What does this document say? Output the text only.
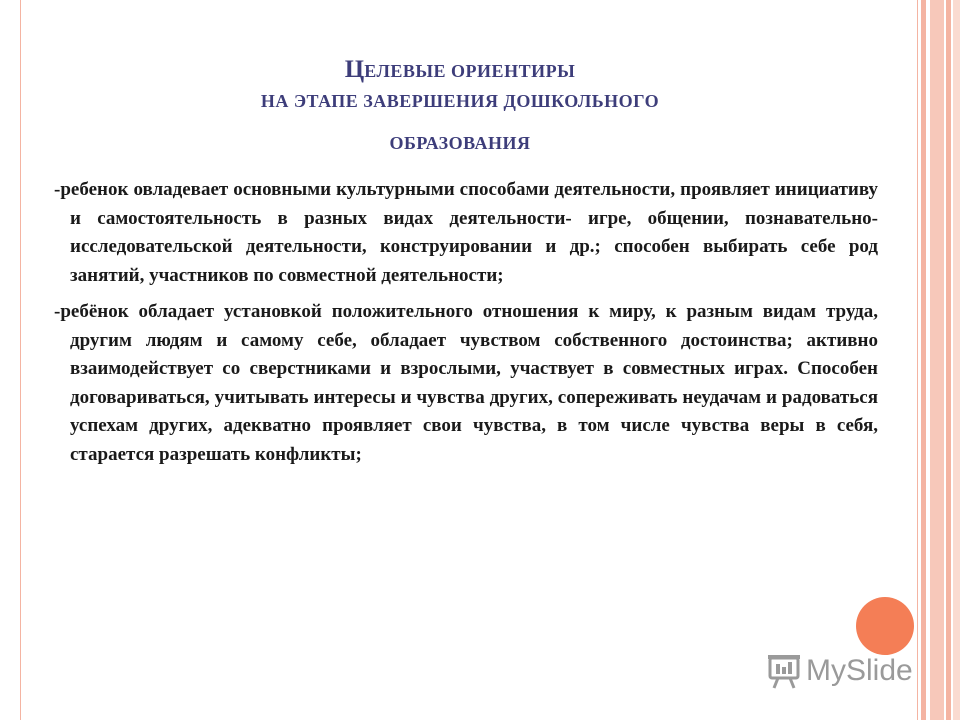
ЦЕЛЕВЫЕ ОРИЕНТИРЫ
НА ЭТАПЕ ЗАВЕРШЕНИЯ ДОШКОЛЬНОГО
ОБРАЗОВАНИЯ

-ребенок овладевает основными культурными способами деятельности, проявляет инициативу и самостоятельность в разных видах деятельности- игре, общении, познавательно-исследовательской деятельности, конструировании и др.; способен выбирать себе род занятий, участников по совместной деятельности;

-ребёнок обладает установкой положительного отношения к миру, к разным видам труда, другим людям и самому себе, обладает чувством собственного достоинства; активно взаимодействует со сверстниками и взрослыми, участвует в совместных играх. Способен договариваться, учитывать интересы и чувства других, сопереживать неудачам и радоваться успехам других, адекватно проявляет свои чувства, в том числе чувства веры в себя, старается разрешать конфликты;

MySlide
